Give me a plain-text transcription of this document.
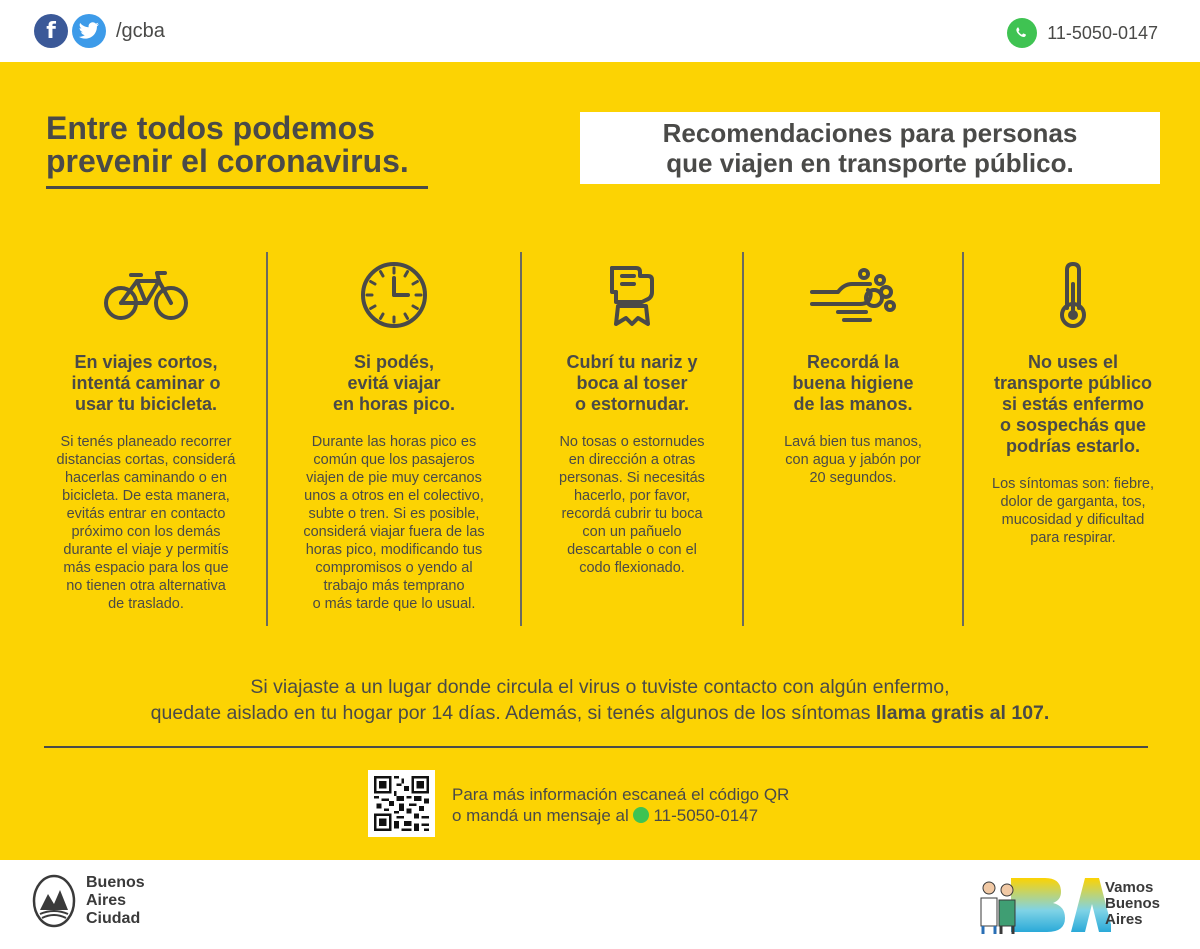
f	/gcba	11-5050-0147
Entre todos podemos
prevenir el coronavirus.
Recomendaciones para personas
que viajen en transporte público.
En viajes cortos,
intentá caminar o
usar tu bicicleta.
Si tenés planeado recorrer
distancias cortas, considerá
hacerlas caminando o en
bicicleta. De esta manera,
evitás entrar en contacto
próximo con los demás
durante el viaje y permitís
más espacio para los que
no tienen otra alternativa
de traslado.
Si podés,
evitá viajar
en horas pico.
Durante las horas pico es
común que los pasajeros
viajen de pie muy cercanos
unos a otros en el colectivo,
subte o tren. Si es posible,
considerá viajar fuera de las
horas pico, modificando tus
compromisos o yendo al
trabajo más temprano
o más tarde que lo usual.
Cubrí tu nariz y
boca al toser
o estornudar.
No tosas o estornudes
en dirección a otras
personas. Si necesitás
hacerlo, por favor,
recordá cubrir tu boca
con un pañuelo
descartable o con el
codo flexionado.
Recordá la
buena higiene
de las manos.
Lavá bien tus manos,
con agua y jabón por
20 segundos.
No uses el
transporte público
si estás enfermo
o sospechás que
podrías estarlo.
Los síntomas son: fiebre,
dolor de garganta, tos,
mucosidad y dificultad
para respirar.
Si viajaste a un lugar donde circula el virus o tuviste contacto con algún enfermo,
quedate aislado en tu hogar por 14 días. Además, si tenés algunos de los síntomas llama gratis al 107.
Para más información escaneá el código QR
o mandá un mensaje al 11-5050-0147
Buenos
Aires
Ciudad
Vamos
Buenos
Aires
